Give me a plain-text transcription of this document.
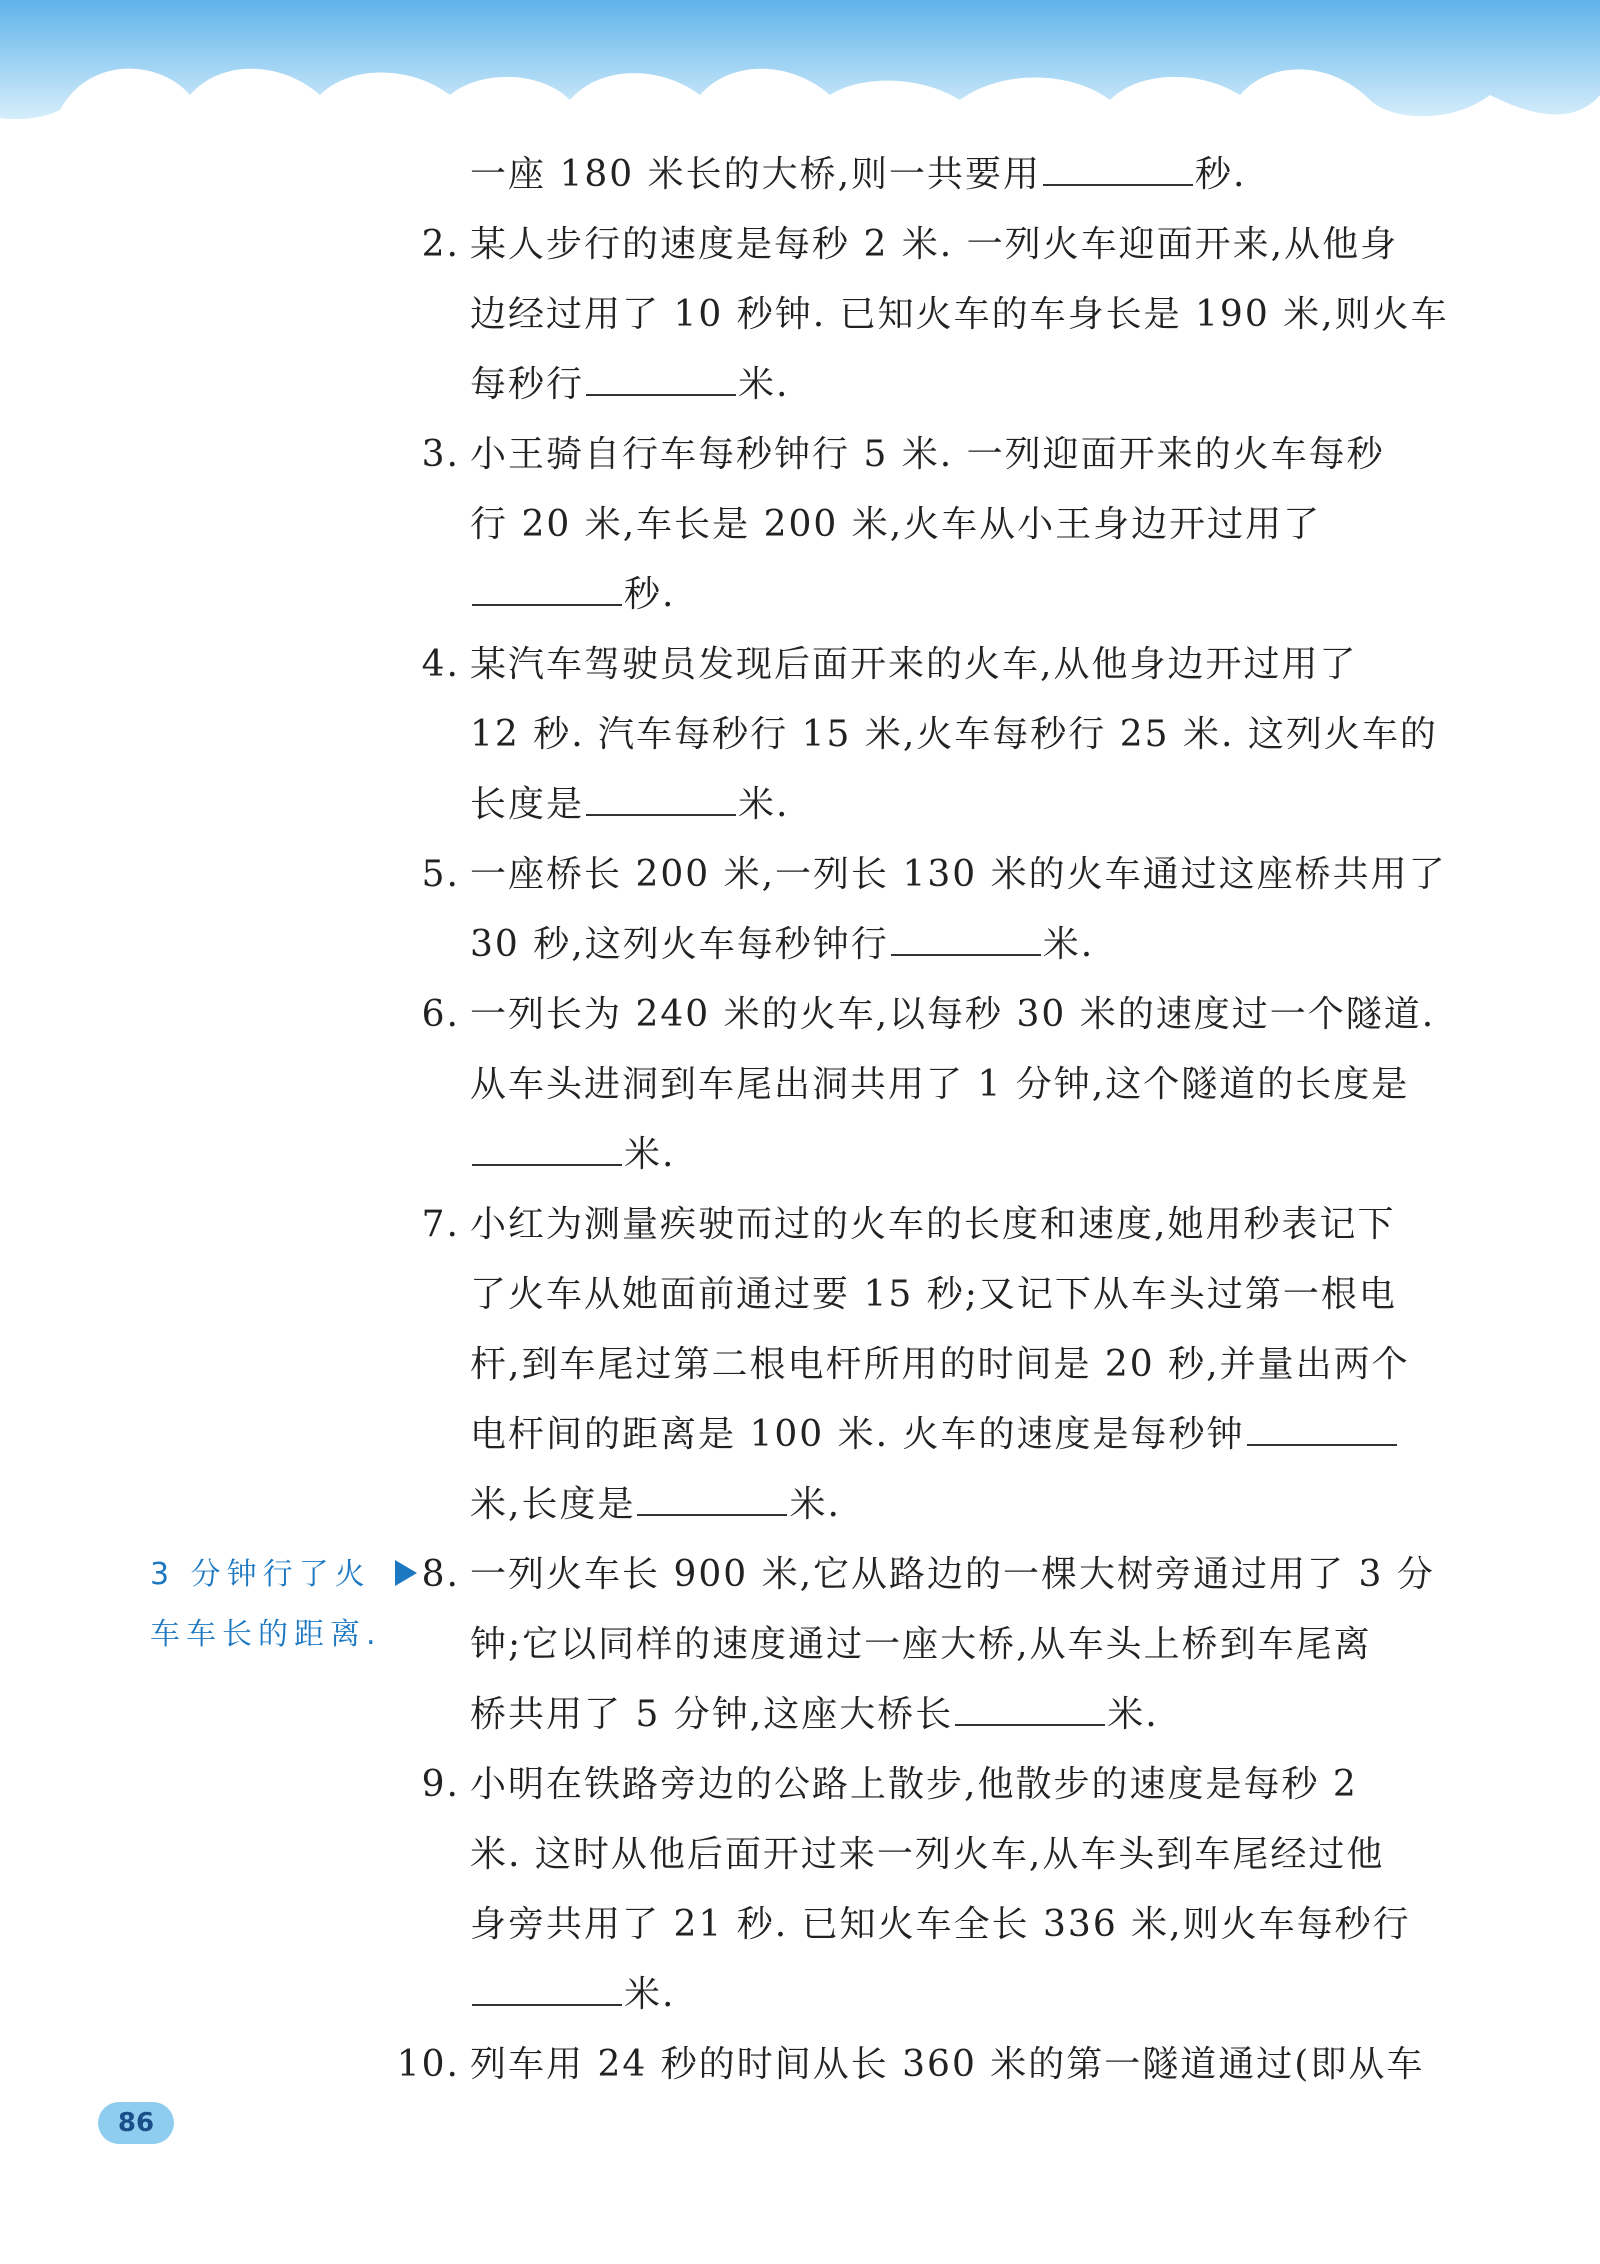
一座 180 米长的大桥,则一共要用	秒.
2. 某人步行的速度是每秒 2 米. 一列火车迎面开来,从他身
边经过用了 10 秒钟. 已知火车的车身长是 190 米,则火车
每秒行	米.
3. 小王骑自行车每秒钟行 5 米. 一列迎面开来的火车每秒
行 20 米,车长是 200 米,火车从小王身边开过用了
秒.
4. 某汽车驾驶员发现后面开来的火车,从他身边开过用了
12 秒. 汽车每秒行 15 米,火车每秒行 25 米. 这列火车的
长度是	米.
5. 一座桥长 200 米,一列长 130 米的火车通过这座桥共用了
30 秒,这列火车每秒钟行	米.
6. 一列长为 240 米的火车,以每秒 30 米的速度过一个隧道.
从车头进洞到车尾出洞共用了 1 分钟,这个隧道的长度是
米.
7. 小红为测量疾驶而过的火车的长度和速度,她用秒表记下
了火车从她面前通过要 15 秒;又记下从车头过第一根电
杆,到车尾过第二根电杆所用的时间是 20 秒,并量出两个
电杆间的距离是 100 米. 火车的速度是每秒钟
米,长度是	米.
8. 一列火车长 900 米,它从路边的一棵大树旁通过用了 3 分
钟;它以同样的速度通过一座大桥,从车头上桥到车尾离
桥共用了 5 分钟,这座大桥长	米.
9. 小明在铁路旁边的公路上散步,他散步的速度是每秒 2
米. 这时从他后面开过来一列火车,从车头到车尾经过他
身旁共用了 21 秒. 已知火车全长 336 米,则火车每秒行
米.
10. 列车用 24 秒的时间从长 360 米的第一隧道通过(即从车
3 分钟行了火
车车长的距离.
86
